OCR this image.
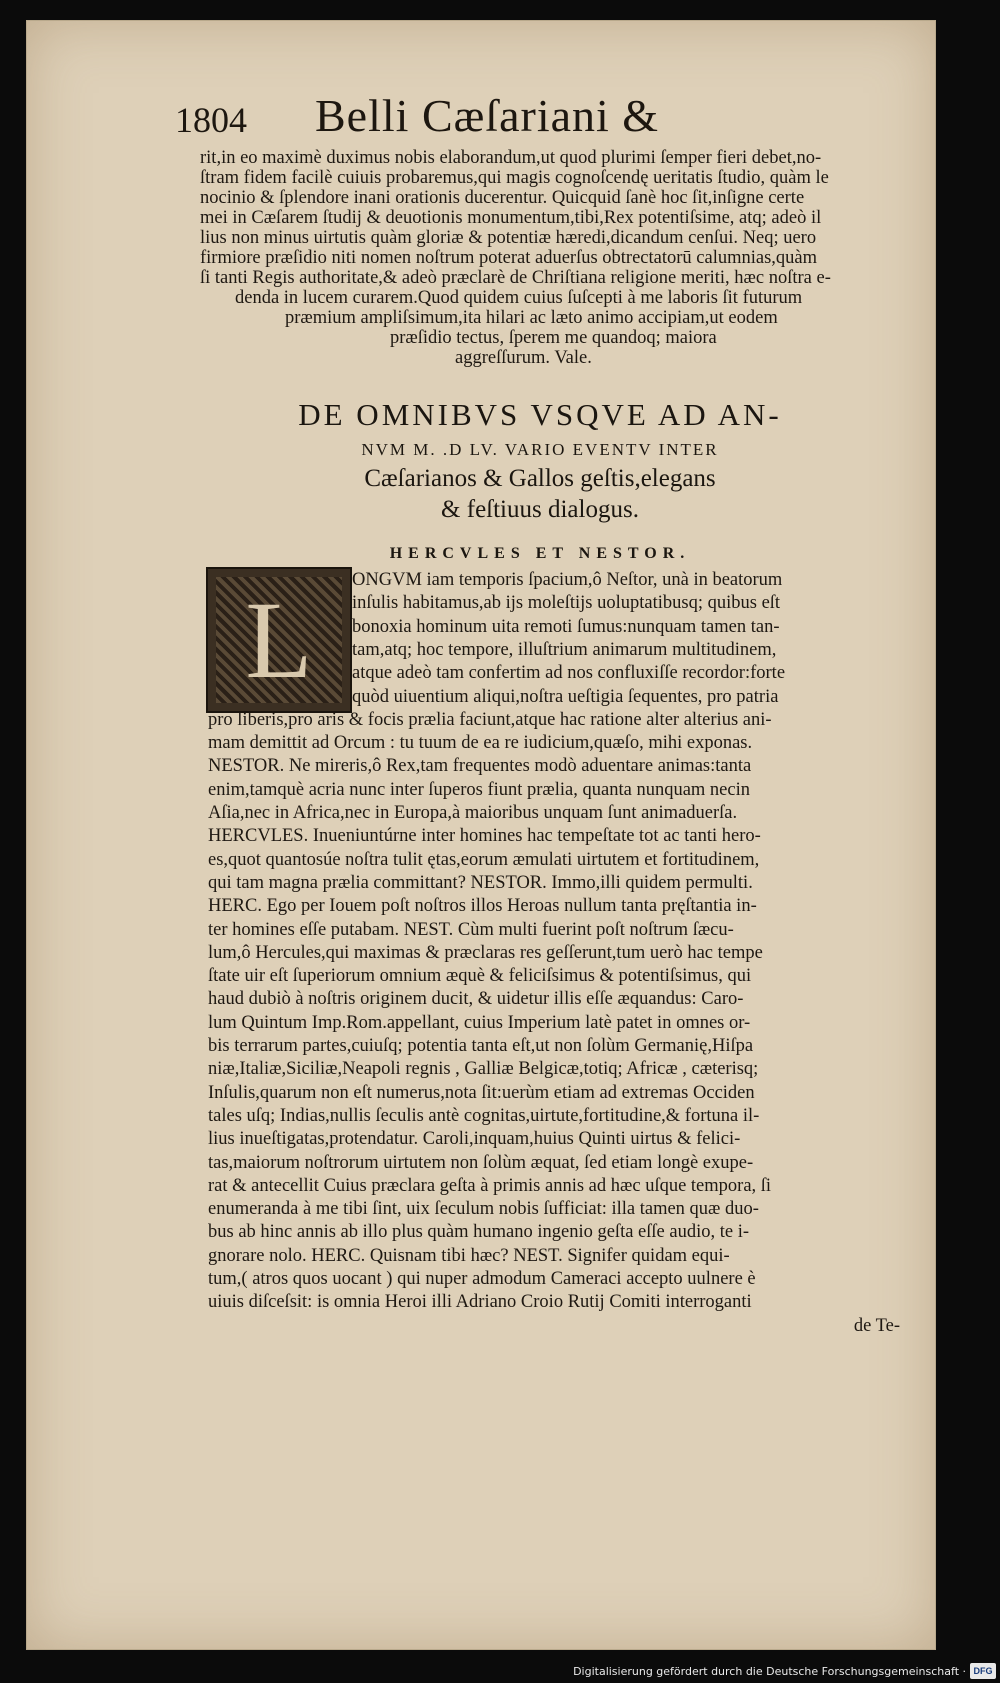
1804 Belli Cæſariani &
rit,in eo maximè duximus nobis elaborandum,ut quod plurimi ſemper fieri debet,no-
ſtram fidem facilè cuiuis probaremus,qui magis cognoſcendę ueritatis ſtudio, quàm le
nocinio & ſplendore inani orationis ducerentur. Quicquid ſanè hoc ſit,inſigne certe
mei in Cæſarem ſtudij & deuotionis monumentum,tibi,Rex potentiſsime, atq; adeò il
lius non minus uirtutis quàm gloriæ & potentiæ hæredi,dicandum cenſui. Neq; uero
firmiore præſidio niti nomen noſtrum poterat aduerſus obtrectatorū calumnias,quàm
ſi tanti Regis authoritate,& adeò præclarè de Chriſtiana religione meriti, hæc noſtra e-
denda in lucem curarem.Quod quidem cuius ſuſcepti à me laboris ſit futurum
præmium ampliſsimum,ita hilari ac læto animo accipiam,ut eodem
præſidio tectus, ſperem me quandoq; maiora
aggreſſurum. Vale.
DE OMNIBVS VSQVE AD AN-
NVM M. .D LV. VARIO EVENTV INTER
Cæſarianos & Gallos geſtis,elegans
& feſtiuus dialogus.
HERCVLES ET NESTOR.
L	ONGVM iam temporis ſpacium,ô Neſtor, unà in beatorum
inſulis habitamus,ab ijs moleſtijs uoluptatibusq; quibus eſt
bonoxia hominum uita remoti ſumus:nunquam tamen tan-
tam,atq; hoc tempore, illuſtrium animarum multitudinem,
atque adeò tam confertim ad nos confluxiſſe recordor:forte
quòd uiuentium aliqui,noſtra ueſtigia ſequentes, pro patria
pro liberis,pro aris & focis prælia faciunt,atque hac ratione alter alterius ani-
mam demittit ad Orcum : tu tuum de ea re iudicium,quæſo, mihi exponas.
NESTOR. Ne mireris,ô Rex,tam frequentes modò aduentare animas:tanta
enim,tamquè acria nunc inter ſuperos fiunt prælia, quanta nunquam necin
Aſia,nec in Africa,nec in Europa,à maioribus unquam ſunt animaduerſa.
HERCVLES. Inueniuntúrne inter homines hac tempeſtate tot ac tanti hero-
es,quot quantosúe noſtra tulit ętas,eorum æmulati uirtutem et fortitudinem,
qui tam magna prælia committant? NESTOR. Immo,illi quidem permulti.
HERC. Ego per Iouem poſt noſtros illos Heroas nullum tanta pręſtantia in-
ter homines eſſe putabam. NEST. Cùm multi fuerint poſt noſtrum ſæcu-
lum,ô Hercules,qui maximas & præclaras res geſſerunt,tum uerò hac tempe
ſtate uir eſt ſuperiorum omnium æquè & feliciſsimus & potentiſsimus, qui
haud dubiò à noſtris originem ducit, & uidetur illis eſſe æquandus: Caro-
lum Quintum Imp.Rom.appellant, cuius Imperium latè patet in omnes or-
bis terrarum partes,cuiuſq; potentia tanta eſt,ut non ſolùm Germanię,Hiſpa
niæ,Italiæ,Siciliæ,Neapoli regnis , Galliæ Belgicæ,totiq; Africæ , cæterisq;
Inſulis,quarum non eſt numerus,nota ſit:uerùm etiam ad extremas Occiden
tales uſq; Indias,nullis ſeculis antè cognitas,uirtute,fortitudine,& fortuna il-
lius inueſtigatas,protendatur. Caroli,inquam,huius Quinti uirtus & felici-
tas,maiorum noſtrorum uirtutem non ſolùm æquat, ſed etiam longè exupe-
rat & antecellit Cuius præclara geſta à primis annis ad hæc uſque tempora, ſi
enumeranda à me tibi ſint, uix ſeculum nobis ſufficiat: illa tamen quæ duo-
bus ab hinc annis ab illo plus quàm humano ingenio geſta eſſe audio, te i-
gnorare nolo. HERC. Quisnam tibi hæc? NEST. Signifer quidam equi-
tum,( atros quos uocant ) qui nuper admodum Cameraci accepto uulnere è
uiuis diſceſsit: is omnia Heroi illi Adriano Croio Rutij Comiti interroganti
de Te-
Digitalisierung gefördert durch die Deutsche Forschungsgemeinschaft · DFG
